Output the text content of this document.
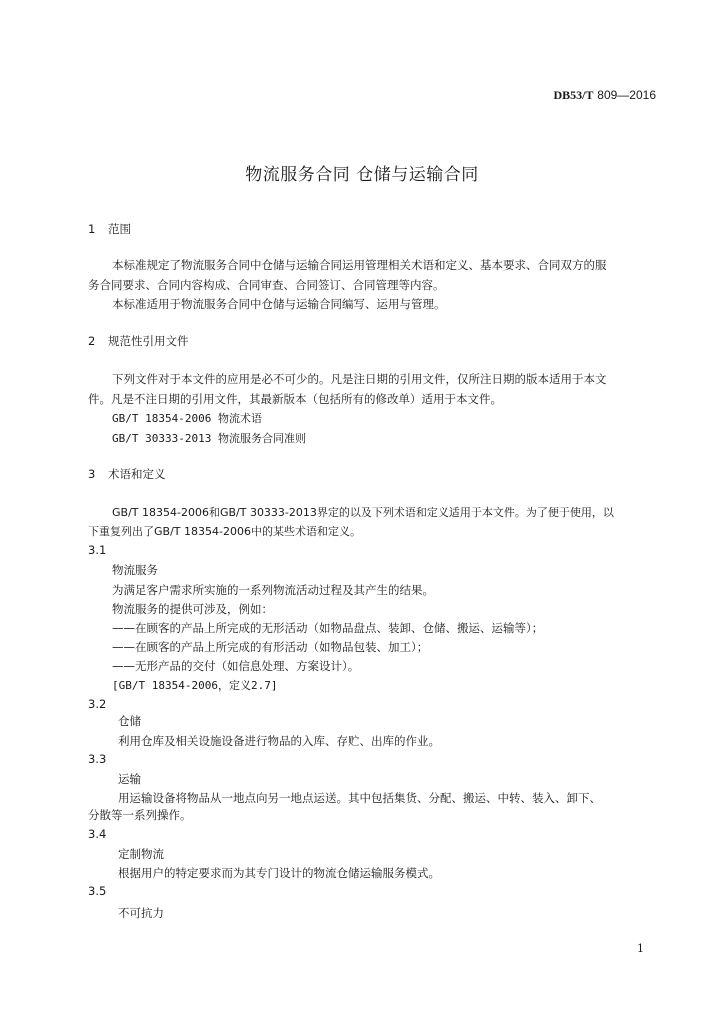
DB53/T 809—2016
物流服务合同 仓储与运输合同
1 范围
本标准规定了物流服务合同中仓储与运输合同运用管理相关术语和定义、基本要求、合同双方的服
务合同要求、合同内容构成、合同审查、合同签订、合同管理等内容。
本标准适用于物流服务合同中仓储与运输合同编写、运用与管理。
2 规范性引用文件
下列文件对于本文件的应用是必不可少的。凡是注日期的引用文件，仅所注日期的版本适用于本文
件。凡是不注日期的引用文件，其最新版本（包括所有的修改单）适用于本文件。
GB/T 18354-2006 物流术语
GB/T 30333-2013 物流服务合同准则
3 术语和定义
GB/T 18354-2006和GB/T 30333-2013界定的以及下列术语和定义适用于本文件。为了便于使用，以
下重复列出了GB/T 18354-2006中的某些术语和定义。
3.1
物流服务
为满足客户需求所实施的一系列物流活动过程及其产生的结果。
物流服务的提供可涉及，例如：
——在顾客的产品上所完成的无形活动（如物品盘点、装卸、仓储、搬运、运输等）；
——在顾客的产品上所完成的有形活动（如物品包装、加工）；
——无形产品的交付（如信息处理、方案设计）。
[GB/T 18354-2006，定义2.7]
3.2
仓储
利用仓库及相关设施设备进行物品的入库、存贮、出库的作业。
3.3
运输
用运输设备将物品从一地点向另一地点运送。其中包括集货、分配、搬运、中转、装入、卸下、
分散等一系列操作。
3.4
定制物流
根据用户的特定要求而为其专门设计的物流仓储运输服务模式。
3.5
不可抗力
1
